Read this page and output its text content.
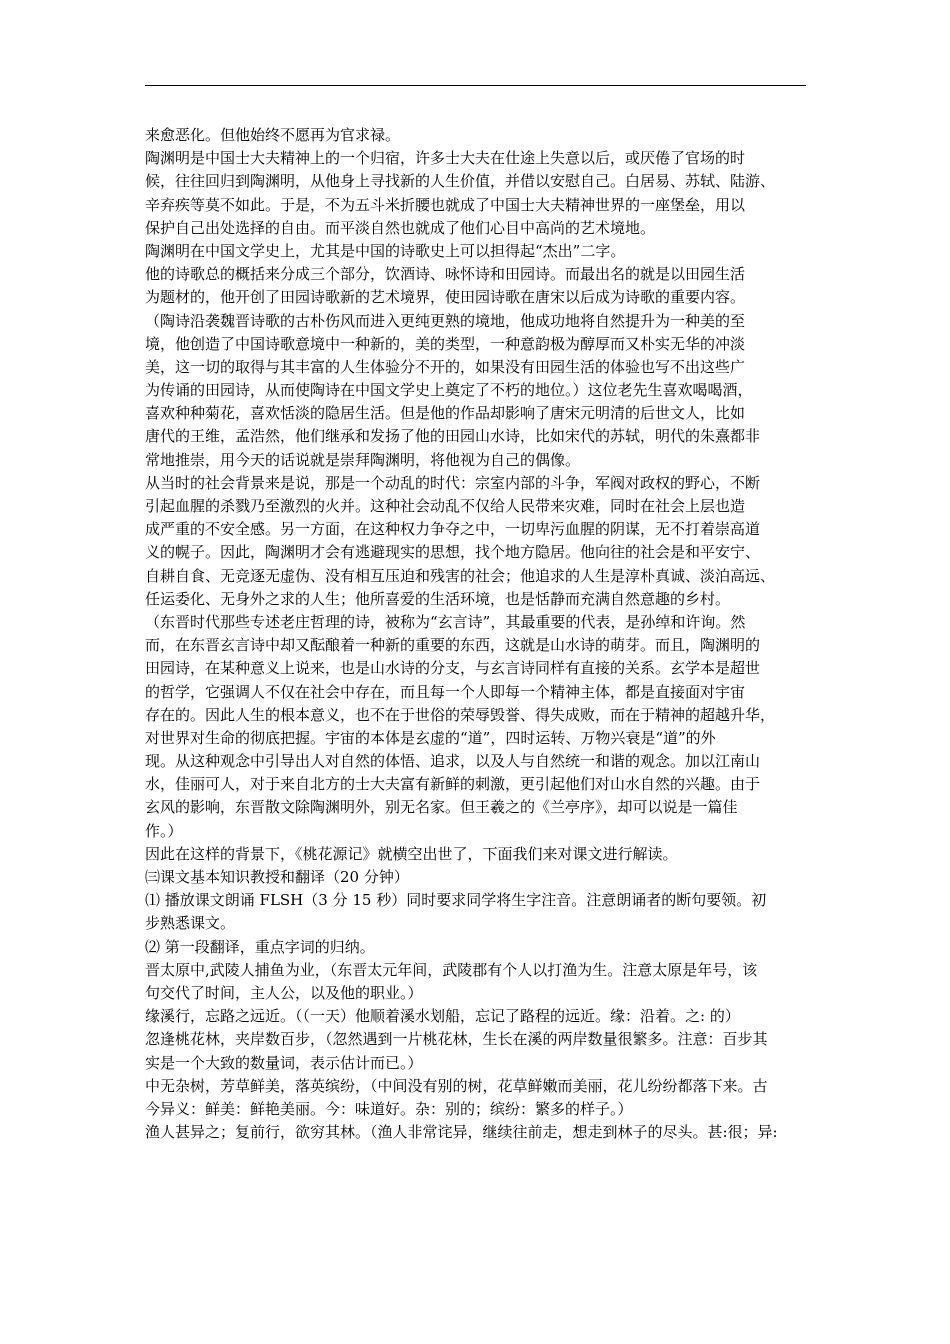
来愈恶化。但他始终不愿再为官求禄。
陶渊明是中国士大夫精神上的一个归宿，许多士大夫在仕途上失意以后，或厌倦了官场的时
候，往往回归到陶渊明，从他身上寻找新的人生价值，并借以安慰自己。白居易、苏轼、陆游、
辛弃疾等莫不如此。于是，不为五斗米折腰也就成了中国士大夫精神世界的一座堡垒，用以
保护自己出处选择的自由。而平淡自然也就成了他们心目中高尚的艺术境地。
陶渊明在中国文学史上，尤其是中国的诗歌史上可以担得起“杰出”二字。
他的诗歌总的概括来分成三个部分，饮酒诗、咏怀诗和田园诗。而最出名的就是以田园生活
为题材的，他开创了田园诗歌新的艺术境界，使田园诗歌在唐宋以后成为诗歌的重要内容。
（陶诗沿袭魏晋诗歌的古朴伤风而进入更纯更熟的境地，他成功地将自然提升为一种美的至
境，他创造了中国诗歌意境中一种新的，美的类型，一种意韵极为醇厚而又朴实无华的冲淡
美，这一切的取得与其丰富的人生体验分不开的，如果没有田园生活的体验也写不出这些广
为传诵的田园诗，从而使陶诗在中国文学史上奠定了不朽的地位。）这位老先生喜欢喝喝酒，
喜欢种种菊花，喜欢恬淡的隐居生活。但是他的作品却影响了唐宋元明清的后世文人，比如
唐代的王维，孟浩然，他们继承和发扬了他的田园山水诗，比如宋代的苏轼，明代的朱熹都非
常地推崇，用今天的话说就是崇拜陶渊明，将他视为自己的偶像。
从当时的社会背景来是说，那是一个动乱的时代：宗室内部的斗争，军阀对政权的野心，不断
引起血腥的杀戮乃至激烈的火并。这种社会动乱不仅给人民带来灾难，同时在社会上层也造
成严重的不安全感。另一方面，在这种权力争夺之中，一切卑污血腥的阴谋，无不打着崇高道
义的幌子。因此，陶渊明才会有逃避现实的思想，找个地方隐居。他向往的社会是和平安宁、
自耕自食、无竞逐无虚伪、没有相互压迫和残害的社会；他追求的人生是淳朴真诚、淡泊高远、
任运委化、无身外之求的人生；他所喜爱的生活环境，也是恬静而充满自然意趣的乡村。
（东晋时代那些专述老庄哲理的诗，被称为“玄言诗”，其最重要的代表，是孙绰和许询。然
而，在东晋玄言诗中却又酝酿着一种新的重要的东西，这就是山水诗的萌芽。而且，陶渊明的
田园诗，在某种意义上说来，也是山水诗的分支，与玄言诗同样有直接的关系。玄学本是超世
的哲学，它强调人不仅在社会中存在，而且每一个人即每一个精神主体，都是直接面对宇宙
存在的。因此人生的根本意义，也不在于世俗的荣辱毁誉、得失成败，而在于精神的超越升华，
对世界对生命的彻底把握。宇宙的本体是玄虚的“道”，四时运转、万物兴衰是“道”的外
现。从这种观念中引导出人对自然的体悟、追求，以及人与自然统一和谐的观念。加以江南山
水，佳丽可人，对于来自北方的士大夫富有新鲜的刺激，更引起他们对山水自然的兴趣。由于
玄风的影响，东晋散文除陶渊明外，别无名家。但王羲之的《兰亭序》，却可以说是一篇佳
作。）
因此在这样的背景下，《桃花源记》就横空出世了，下面我们来对课文进行解读。
㈢课文基本知识教授和翻译（20 分钟）
⑴ 播放课文朗诵 FLSH（3 分 15 秒）同时要求同学将生字注音。注意朗诵者的断句要领。初
步熟悉课文。
⑵ 第一段翻译，重点字词的归纳。
晋太原中,武陵人捕鱼为业，（东晋太元年间，武陵郡有个人以打渔为生。注意太原是年号，该
句交代了时间，主人公，以及他的职业。）
缘溪行，忘路之远近。（（一天）他顺着溪水划船，忘记了路程的远近。缘：沿着。之: 的）
忽逢桃花林，夹岸数百步，（忽然遇到一片桃花林，生长在溪的两岸数量很繁多。注意：百步其
实是一个大致的数量词，表示估计而已。）
中无杂树，芳草鲜美，落英缤纷，（中间没有别的树，花草鲜嫩而美丽，花儿纷纷都落下来。古
今异义：鲜美：鲜艳美丽。今：味道好。杂：别的；缤纷：繁多的样子。）
渔人甚异之；复前行，欲穷其林。（渔人非常诧异，继续往前走，想走到林子的尽头。甚:很；异:
